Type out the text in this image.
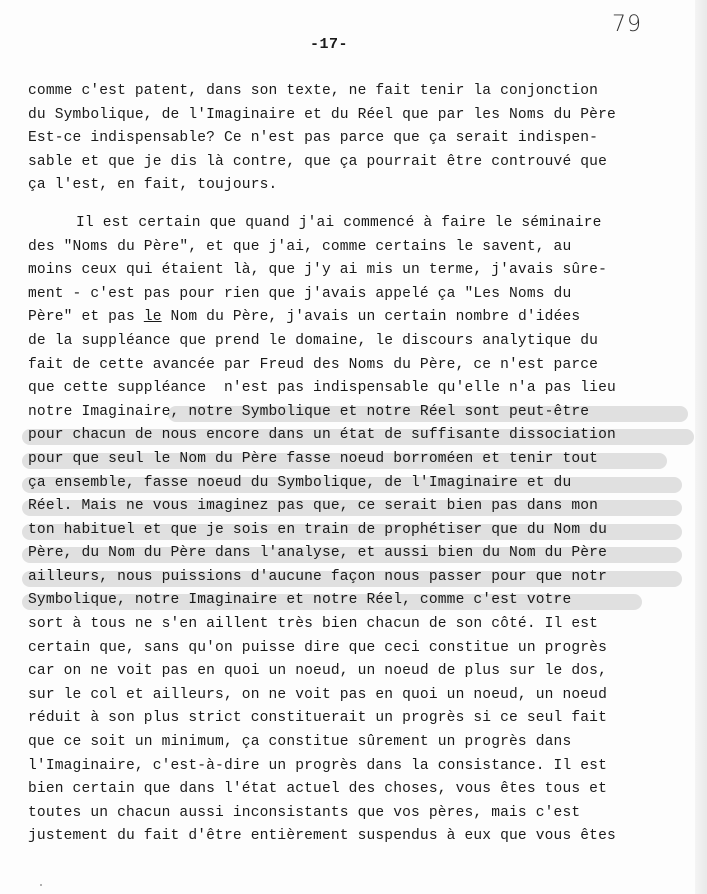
79
-17-
comme c'est patent, dans son texte, ne fait tenir la conjonction
du Symbolique, de l'Imaginaire et du Réel que par les Noms du Père
Est-ce indispensable? Ce n'est pas parce que ça serait indispen-
sable et que je dis là contre, que ça pourrait être controuvé que
ça l'est, en fait, toujours.
Il est certain que quand j'ai commencé à faire le séminaire
des "Noms du Père", et que j'ai, comme certains le savent, au
moins ceux qui étaient là, que j'y ai mis un terme, j'avais sûre-
ment - c'est pas pour rien que j'avais appelé ça "Les Noms du
Père" et pas le Nom du Père, j'avais un certain nombre d'idées
de la suppléance que prend le domaine, le discours analytique du
fait de cette avancée par Freud des Noms du Père, ce n'est parce
que cette suppléance  n'est pas indispensable qu'elle n'a pas lieu
notre Imaginaire, notre Symbolique et notre Réel sont peut-être
pour chacun de nous encore dans un état de suffisante dissociation
pour que seul le Nom du Père fasse noeud borroméen et tenir tout
ça ensemble, fasse noeud du Symbolique, de l'Imaginaire et du
Réel. Mais ne vous imaginez pas que, ce serait bien pas dans mon
ton habituel et que je sois en train de prophétiser que du Nom du
Père, du Nom du Père dans l'analyse, et aussi bien du Nom du Père
ailleurs, nous puissions d'aucune façon nous passer pour que notr
Symbolique, notre Imaginaire et notre Réel, comme c'est votre
sort à tous ne s'en aillent très bien chacun de son côté. Il est
certain que, sans qu'on puisse dire que ceci constitue un progrès
car on ne voit pas en quoi un noeud, un noeud de plus sur le dos,
sur le col et ailleurs, on ne voit pas en quoi un noeud, un noeud
réduit à son plus strict constituerait un progrès si ce seul fait
que ce soit un minimum, ça constitue sûrement un progrès dans
l'Imaginaire, c'est-à-dire un progrès dans la consistance. Il est
bien certain que dans l'état actuel des choses, vous êtes tous et
toutes un chacun aussi inconsistants que vos pères, mais c'est
justement du fait d'être entièrement suspendus à eux que vous êtes
